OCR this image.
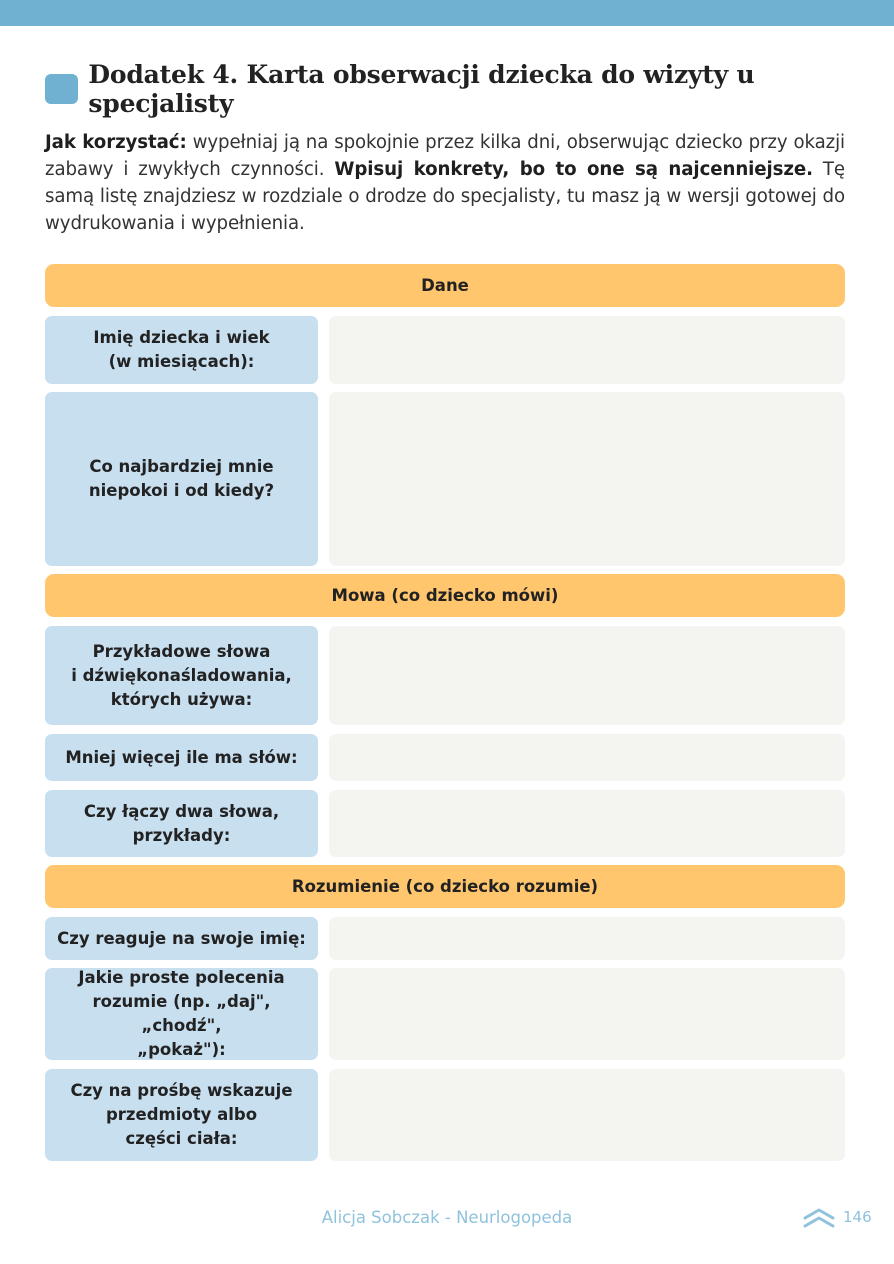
Dodatek 4. Karta obserwacji dziecka do wizyty u specjalisty

Jak korzystać: wypełniaj ją na spokojnie przez kilka dni, obserwując dziecko przy okazji zabawy i zwykłych czynności. Wpisuj konkrety, bo to one są najcenniejsze. Tę samą listę znajdziesz w rozdziale o drodze do specjalisty, tu masz ją w wersji gotowej do wydrukowania i wypełnienia.

Dane
Imię dziecka i wiek
(w miesiącach):
Co najbardziej mnie
niepokoi i od kiedy?
Mowa (co dziecko mówi)
Przykładowe słowa
i dźwiękonaśladowania,
których używa:
Mniej więcej ile ma słów:
Czy łączy dwa słowa,
przykłady:
Rozumienie (co dziecko rozumie)
Czy reaguje na swoje imię:
Jakie proste polecenia
rozumie (np. „daj", „chodź",
„pokaż"):
Czy na prośbę wskazuje
przedmioty albo
części ciała:
Alicja Sobczak - Neurlogopeda	146
